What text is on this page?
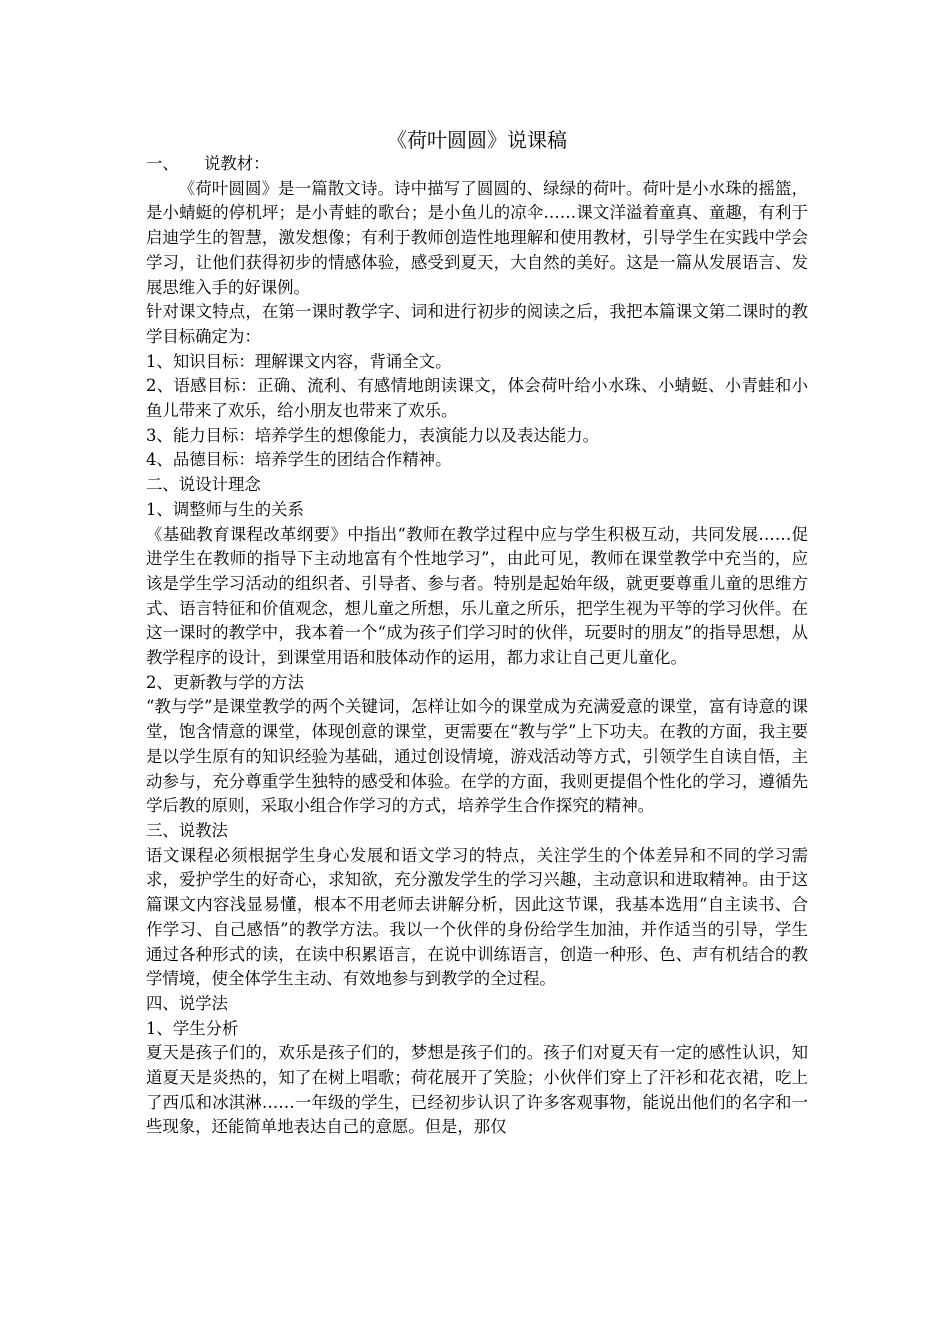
《荷叶圆圆》说课稿

一、 说教材：

《荷叶圆圆》是一篇散文诗。诗中描写了圆圆的、绿绿的荷叶。荷叶是小水珠的摇篮，是小蜻蜓的停机坪；是小青蛙的歌台；是小鱼儿的凉伞……课文洋溢着童真、童趣，有利于启迪学生的智慧，激发想像；有利于教师创造性地理解和使用教材，引导学生在实践中学会学习，让他们获得初步的情感体验，感受到夏天，大自然的美好。这是一篇从发展语言、发展思维入手的好课例。

针对课文特点，在第一课时教学字、词和进行初步的阅读之后，我把本篇课文第二课时的教学目标确定为：

1、知识目标：理解课文内容，背诵全文。

2、语感目标：正确、流利、有感情地朗读课文，体会荷叶给小水珠、小蜻蜓、小青蛙和小鱼儿带来了欢乐，给小朋友也带来了欢乐。

3、能力目标：培养学生的想像能力，表演能力以及表达能力。

4、品德目标：培养学生的团结合作精神。

二、说设计理念

1、调整师与生的关系

《基础教育课程改革纲要》中指出“教师在教学过程中应与学生积极互动，共同发展……促进学生在教师的指导下主动地富有个性地学习”，由此可见，教师在课堂教学中充当的，应该是学生学习活动的组织者、引导者、参与者。特别是起始年级，就更要尊重儿童的思维方式、语言特征和价值观念，想儿童之所想，乐儿童之所乐，把学生视为平等的学习伙伴。在这一课时的教学中，我本着一个“成为孩子们学习时的伙伴，玩要时的朋友”的指导思想，从教学程序的设计，到课堂用语和肢体动作的运用，都力求让自己更儿童化。

2、更新教与学的方法

“教与学”是课堂教学的两个关键词，怎样让如今的课堂成为充满爱意的课堂，富有诗意的课堂，饱含情意的课堂，体现创意的课堂，更需要在“教与学”上下功夫。在教的方面，我主要是以学生原有的知识经验为基础，通过创设情境，游戏活动等方式，引领学生自读自悟，主动参与，充分尊重学生独特的感受和体验。在学的方面，我则更提倡个性化的学习，遵循先学后教的原则，采取小组合作学习的方式，培养学生合作探究的精神。

三、说教法

语文课程必须根据学生身心发展和语文学习的特点，关注学生的个体差异和不同的学习需求，爱护学生的好奇心，求知欲，充分激发学生的学习兴趣，主动意识和进取精神。由于这篇课文内容浅显易懂，根本不用老师去讲解分析，因此这节课，我基本选用“自主读书、合作学习、自己感悟”的教学方法。我以一个伙伴的身份给学生加油，并作适当的引导，学生通过各种形式的读，在读中积累语言，在说中训练语言，创造一种形、色、声有机结合的教学情境，使全体学生主动、有效地参与到教学的全过程。

四、说学法

1、学生分析

夏天是孩子们的，欢乐是孩子们的，梦想是孩子们的。孩子们对夏天有一定的感性认识，知道夏天是炎热的，知了在树上唱歌；荷花展开了笑脸；小伙伴们穿上了汗衫和花衣裙，吃上了西瓜和冰淇淋……一年级的学生，已经初步认识了许多客观事物，能说出他们的名字和一些现象，还能简单地表达自己的意愿。但是，那仅
